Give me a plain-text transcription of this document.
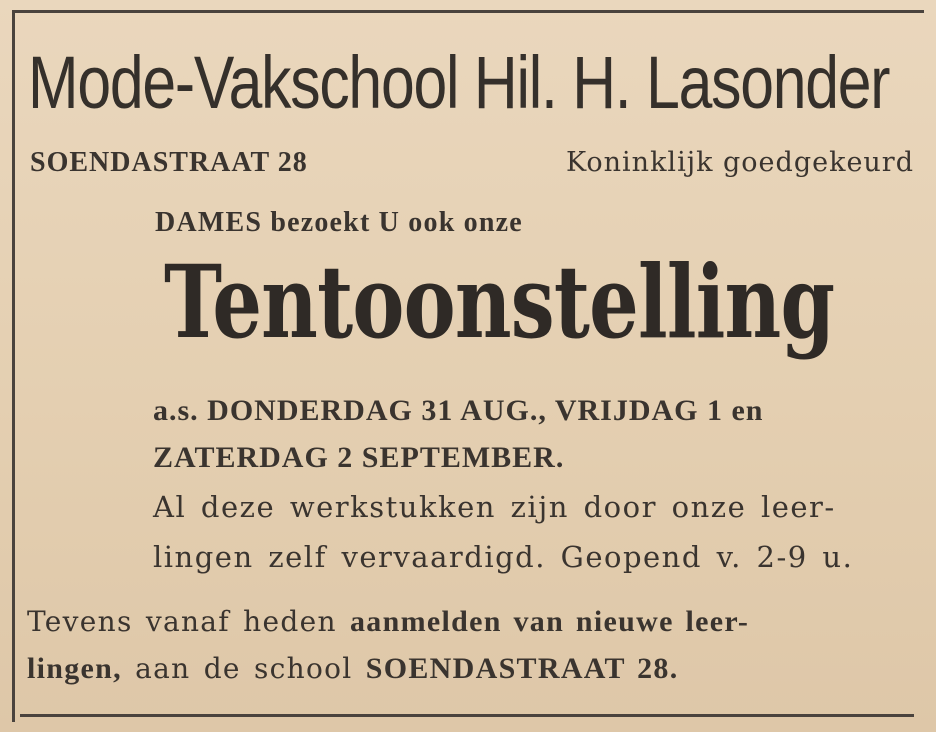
Mode-Vakschool Hil. H. Lasonder
SOENDASTRAAT 28	Koninklijk goedgekeurd
DAMES bezoekt U ook onze
Tentoonstelling
a.s. DONDERDAG 31 AUG., VRIJDAG 1 en
ZATERDAG 2 SEPTEMBER.
Al deze werkstukken zijn door onze leer-
lingen zelf vervaardigd. Geopend v. 2-9 u.
Tevens vanaf heden aanmelden van nieuwe leer-
lingen, aan de school SOENDASTRAAT 28.
